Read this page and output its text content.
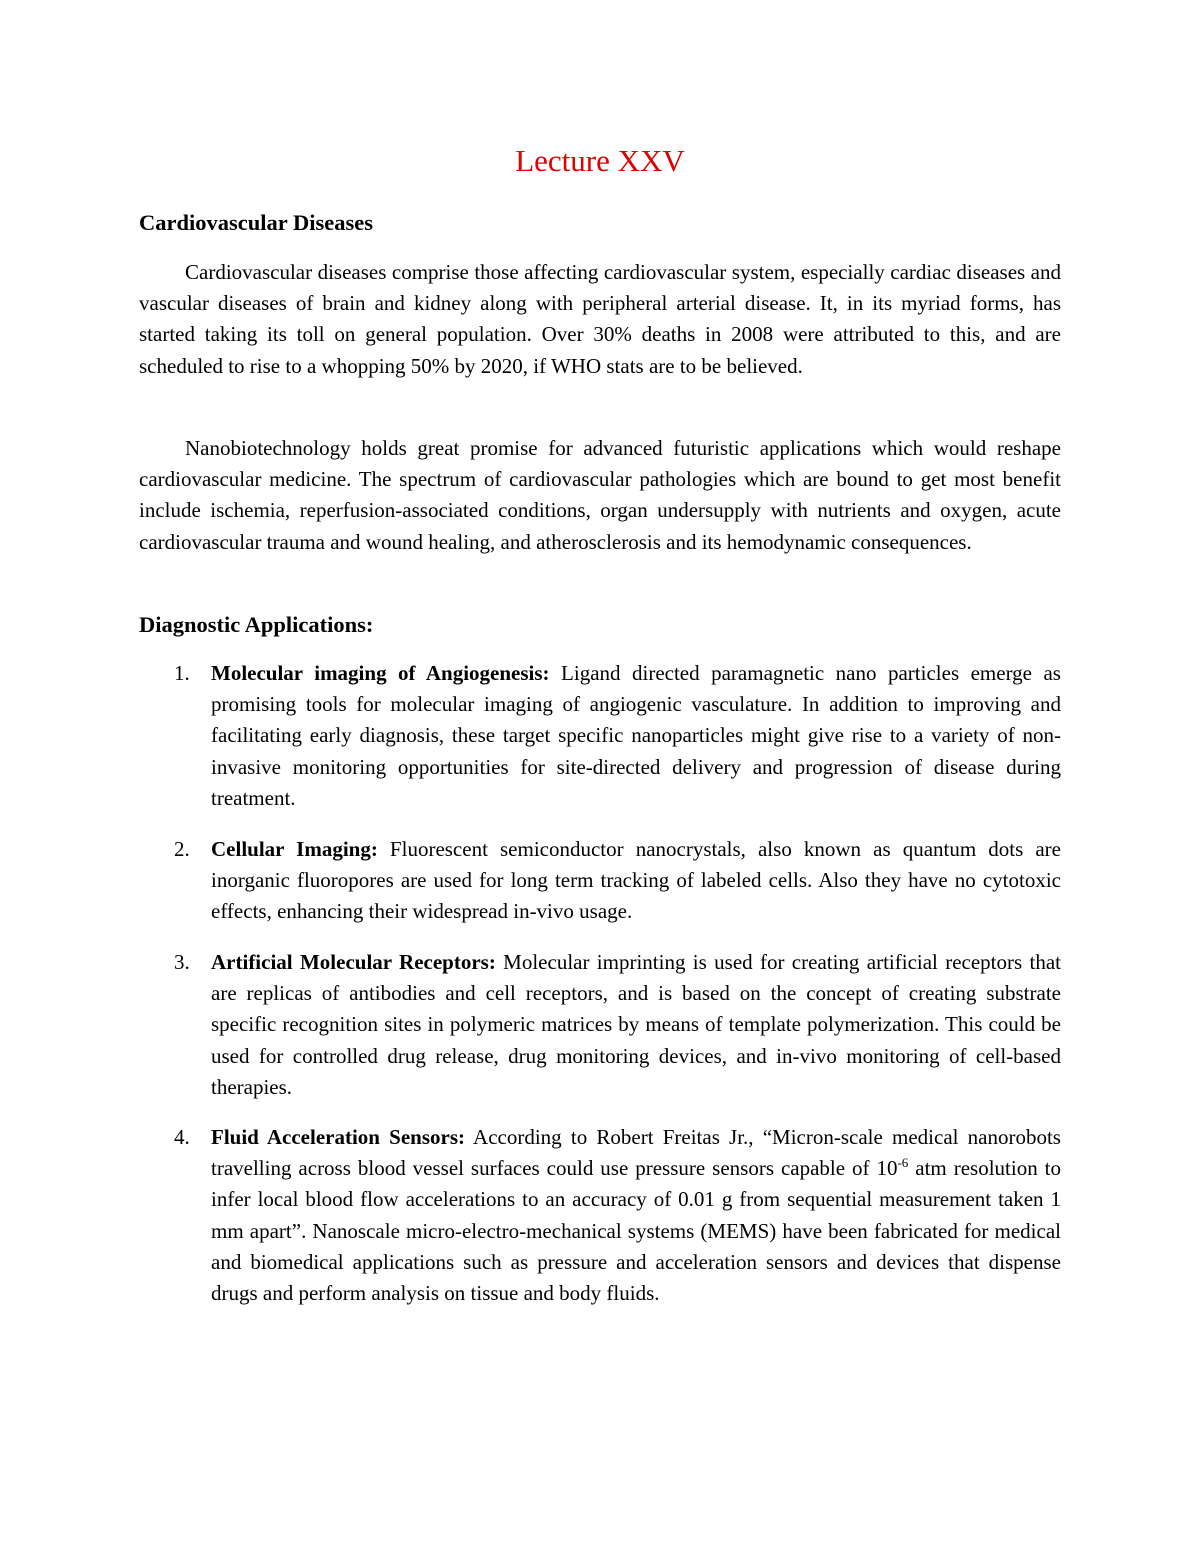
Lecture XXV
Cardiovascular Diseases

Cardiovascular diseases comprise those affecting cardiovascular system, especially cardiac diseases and vascular diseases of brain and kidney along with peripheral arterial disease. It, in its myriad forms, has started taking its toll on general population. Over 30% deaths in 2008 were attributed to this, and are scheduled to rise to a whopping 50% by 2020, if WHO stats are to be believed.

Nanobiotechnology holds great promise for advanced futuristic applications which would reshape cardiovascular medicine. The spectrum of cardiovascular pathologies which are bound to get most benefit include ischemia, reperfusion-associated conditions, organ undersupply with nutrients and oxygen, acute cardiovascular trauma and wound healing, and atherosclerosis and its hemodynamic consequences.

Diagnostic Applications:
1.	Molecular imaging of Angiogenesis: Ligand directed paramagnetic nano particles emerge as promising tools for molecular imaging of angiogenic vasculature. In addition to improving and facilitating early diagnosis, these target specific nanoparticles might give rise to a variety of non-invasive monitoring opportunities for site-directed delivery and progression of disease during treatment.

2.	Cellular Imaging: Fluorescent semiconductor nanocrystals, also known as quantum dots are inorganic fluoropores are used for long term tracking of labeled cells. Also they have no cytotoxic effects, enhancing their widespread in-vivo usage.

3.	Artificial Molecular Receptors: Molecular imprinting is used for creating artificial receptors that are replicas of antibodies and cell receptors, and is based on the concept of creating substrate specific recognition sites in polymeric matrices by means of template polymerization. This could be used for controlled drug release, drug monitoring devices, and in-vivo monitoring of cell-based therapies.

4.	Fluid Acceleration Sensors: According to Robert Freitas Jr., “Micron-scale medical nanorobots travelling across blood vessel surfaces could use pressure sensors capable of $10^{-6}$ atm resolution to infer local blood flow accelerations to an accuracy of 0.01 g from sequential measurement taken 1 mm apart”. Nanoscale micro-electro-mechanical systems (MEMS) have been fabricated for medical and biomedical applications such as pressure and acceleration sensors and devices that dispense drugs and perform analysis on tissue and body fluids.
